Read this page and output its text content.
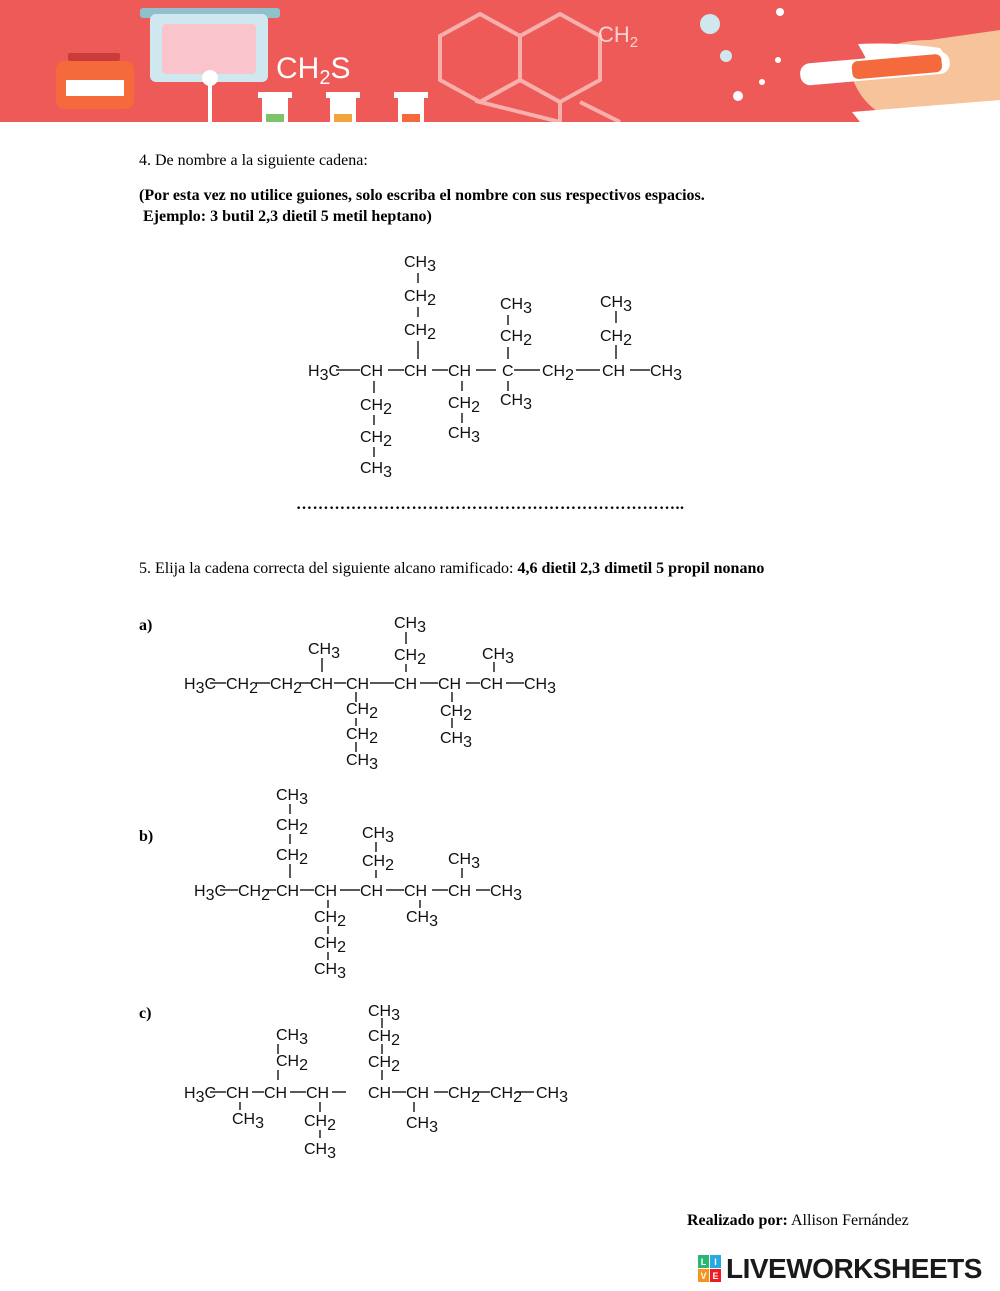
$CH_2S$
$CH_2$

4. De nombre a la siguiente cadena:

(Por esta vez no utilice guiones, solo escriba el nombre con sus respectivos espacios.

Ejemplo: 3 butil 2,3 dietil 5 metil heptano)

H3C CH CH CH C CH2 CH CH3
CH3
CH2
CH2
CH2
CH2
CH3
CH2
CH3
CH3
CH2
CH3
CH3
CH2

……………………………………………………………..

5. Elija la cadena correcta del siguiente alcano ramificado: 4,6 dietil 2,3 dimetil 5 propil nonano

a)

H3C CH2 CH2 CH CH CH CH CH CH3
CH3
CH3
CH2	CH3
CH2
CH2
CH3
CH2
CH3

b)

H3C CH2 CH CH CH CH CH CH3
CH3
CH2
CH2
CH3
CH2	CH3
CH2
CH2
CH3
CH3

c)

H3C CH CH CH CH CH CH2 CH2 CH3
CH3
CH2
CH3
CH2
CH2
CH3 CH2
CH3
CH3

Realizado por: Allison Fernández

L I
V E LIVEWORKSHEETS
